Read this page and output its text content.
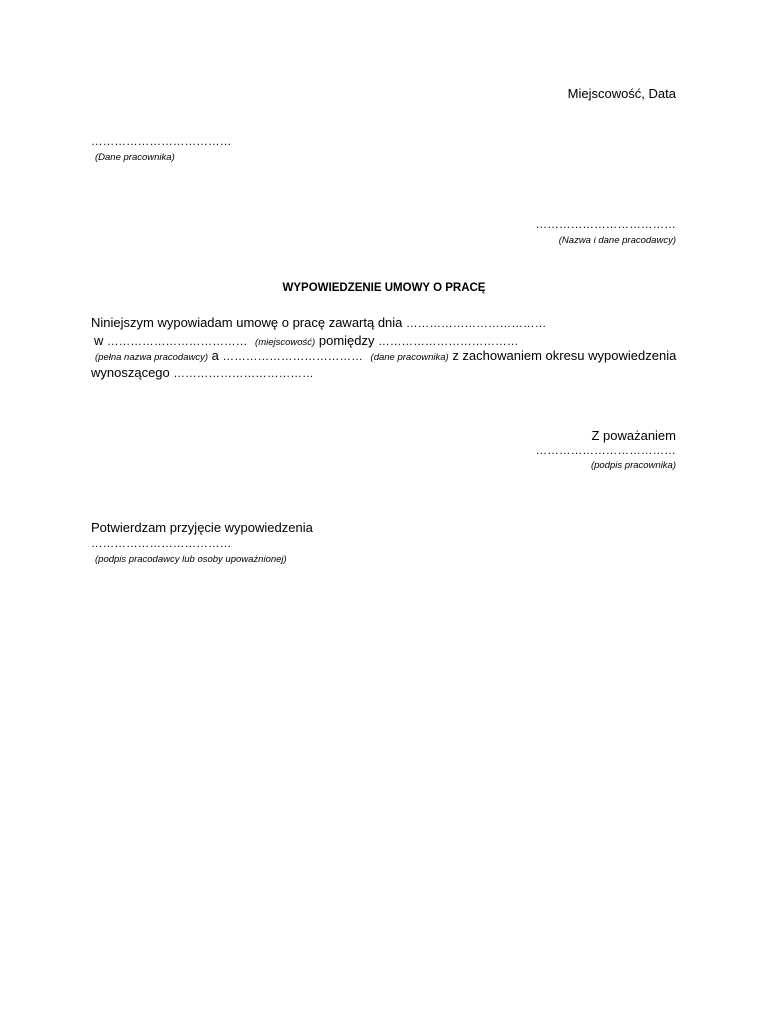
Miejscowość, Data
………………………………
(Dane pracownika)
………………………………
(Nazwa i dane pracodawcy)
WYPOWIEDZENIE UMOWY O PRACĘ
Niniejszym wypowiadam umowę o pracę zawartą dnia ………………………………
w ……………………………… (miejscowość) pomiędzy ………………………………
(pełna nazwa pracodawcy) a ……………………………… (dane pracownika) z zachowaniem okresu wypowiedzenia
wynoszącego ………………………………
Z poważaniem
………………………………
(podpis pracownika)
Potwierdzam przyjęcie wypowiedzenia
………………………………
(podpis pracodawcy lub osoby upoważnionej)
